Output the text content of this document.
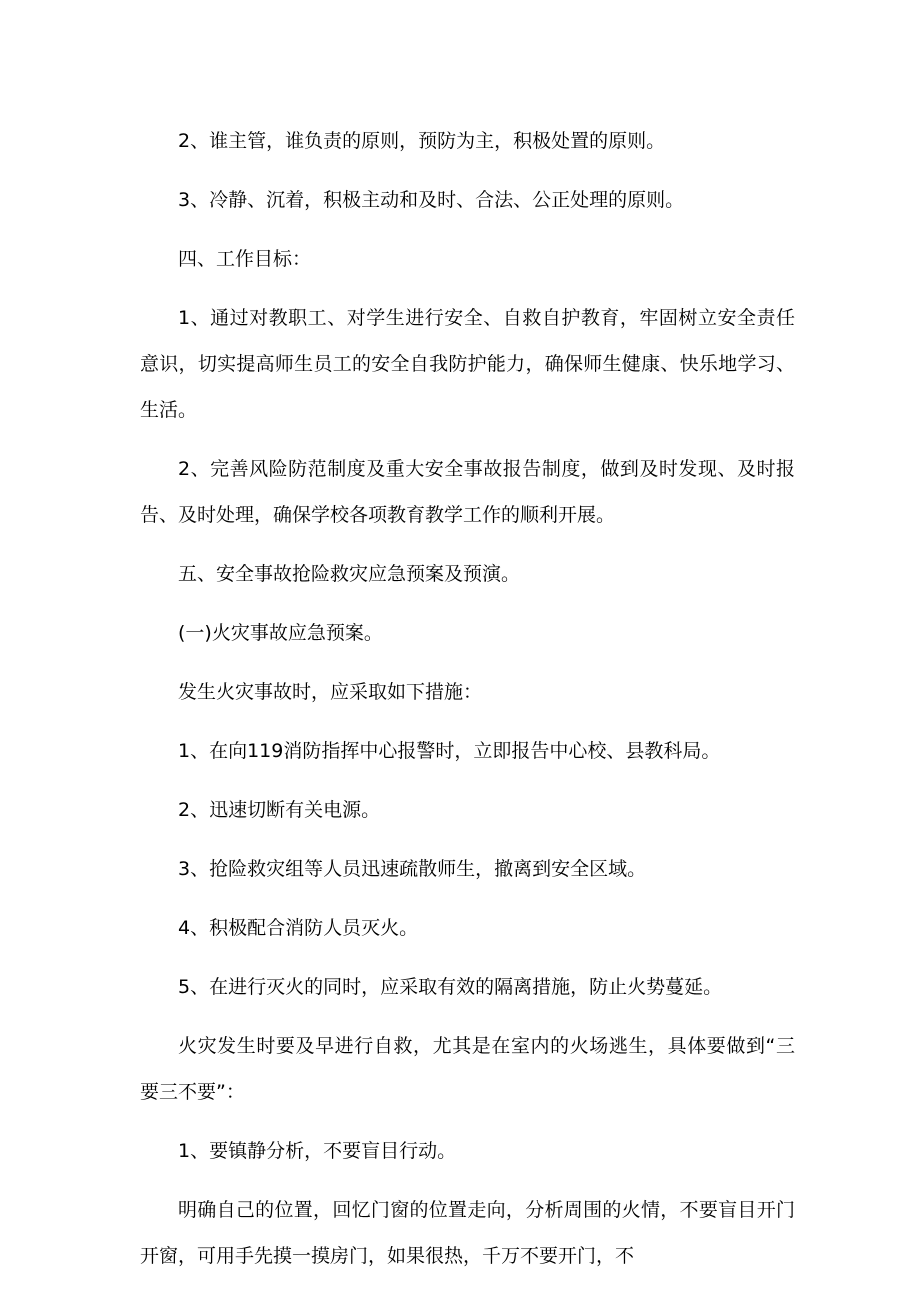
2、谁主管，谁负责的原则，预防为主，积极处置的原则。

3、冷静、沉着，积极主动和及时、合法、公正处理的原则。

四、工作目标：

1、通过对教职工、对学生进行安全、自救自护教育，牢固树立安全责任意识，切实提高师生员工的安全自我防护能力，确保师生健康、快乐地学习、生活。

2、完善风险防范制度及重大安全事故报告制度，做到及时发现、及时报告、及时处理，确保学校各项教育教学工作的顺利开展。

五、安全事故抢险救灾应急预案及预演。

(一)火灾事故应急预案。

发生火灾事故时，应采取如下措施：

1、在向119消防指挥中心报警时，立即报告中心校、县教科局。

2、迅速切断有关电源。

3、抢险救灾组等人员迅速疏散师生，撤离到安全区域。

4、积极配合消防人员灭火。

5、在进行灭火的同时，应采取有效的隔离措施，防止火势蔓延。

火灾发生时要及早进行自救，尤其是在室内的火场逃生，具体要做到“三要三不要”：

1、要镇静分析，不要盲目行动。

明确自己的位置，回忆门窗的位置走向，分析周围的火情，不要盲目开门开窗，可用手先摸一摸房门，如果很热，千万不要开门，不
